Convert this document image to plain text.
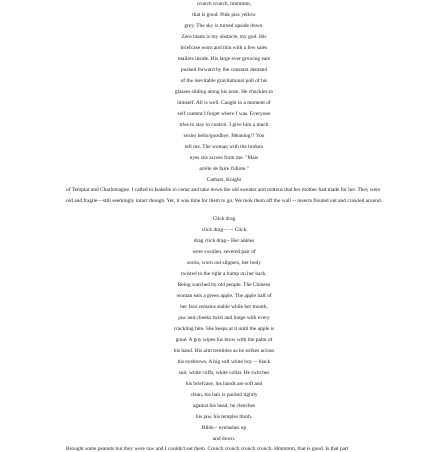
crunch crunch, hmmmm,
that is good. Pink piss yellow
grey. The sky is turned upside down.
Zero blank is my obstacle, my god. His
briefcase worn and thin with a few sales
mailers inside. His large ever growing ears
pushed forward by the constant demand
of the inevitable gravitational pull of his
glasses sliding along his nose. He chuckles to
himself. All is well. Caught in a moment of
self content I forget where I was. Everyone
tries to stay in control. I give him a much
sexier hello/goodbye. Meaning!? You
tell me. The woman with the broken
eyes sits across from me. "Mais
arrête de faire l'idiote."
Cathars, Knight
of Templar and Charlemagne. I called to Isabelle to come and take down the old sweater and mittens that her mother had made for her. They were
old and fragile—still seemingly intact though. Yet, it was time for them to go. We took them off the wall -- insects flouted out and crawled around.
Click drag
click drag— -- Click
drag click drag-- Her ankles
were swollen, severed pair of
socks, worn out slippers, her body
twisted to the right a hump on her back.
Being watched by old people. The Chinese
woman eats a green apple. The apple half of
her face remains stable while her mouth,
jaw and cheeks twist and lunge with every
crackling bite. She keeps at it until the apple is
gone. A guy wipes his brow with the palm of
his hand. His arm trembles as he strikes across
his eyebrows. A big soft white boy -- black
suit, white cuffs, white collar. He twitches
his briefcase, his hands are soft and
clean, his hair is packed tightly
against his head, he clenches
his jaw, his temples throb.
Blink-- eyelashes up
and down.
Brought some peanuts but they were raw and I couldn't eat them. Crunch crunch crunch crunch. Hmmmm, that is good. Is that part
